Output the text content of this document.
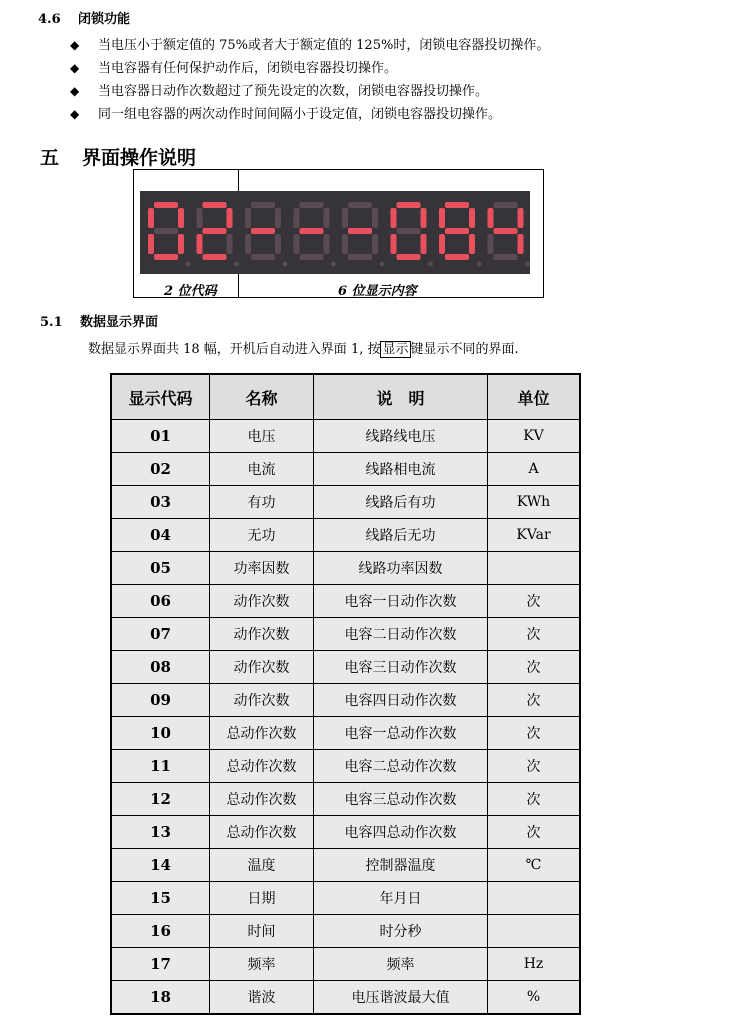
4.6 闭锁功能
◆	当电压小于额定值的 75%或者大于额定值的 125%时，闭锁电容器投切操作。
◆	当电容器有任何保护动作后，闭锁电容器投切操作。
◆	当电容器日动作次数超过了预先设定的次数，闭锁电容器投切操作。
◆	同一组电容器的两次动作时间间隔小于设定值，闭锁电容器投切操作。
五 界面操作说明
2 位代码	6 位显示内容
5.1 数据显示界面
数据显示界面共 18 幅，开机后自动进入界面 1, 按 显示 键显示不同的界面.
显示代码	名称	说　明	单位
01	电压	线路线电压	KV
02	电流	线路相电流	A
03	有功	线路后有功	KWh
04	无功	线路后无功	KVar
05	功率因数	线路功率因数	
06	动作次数	电容一日动作次数	次
07	动作次数	电容二日动作次数	次
08	动作次数	电容三日动作次数	次
09	动作次数	电容四日动作次数	次
10	总动作次数	电容一总动作次数	次
11	总动作次数	电容二总动作次数	次
12	总动作次数	电容三总动作次数	次
13	总动作次数	电容四总动作次数	次
14	温度	控制器温度	℃
15	日期	年月日	
16	时间	时分秒	
17	频率	频率	Hz
18	谐波	电压谐波最大值	%
